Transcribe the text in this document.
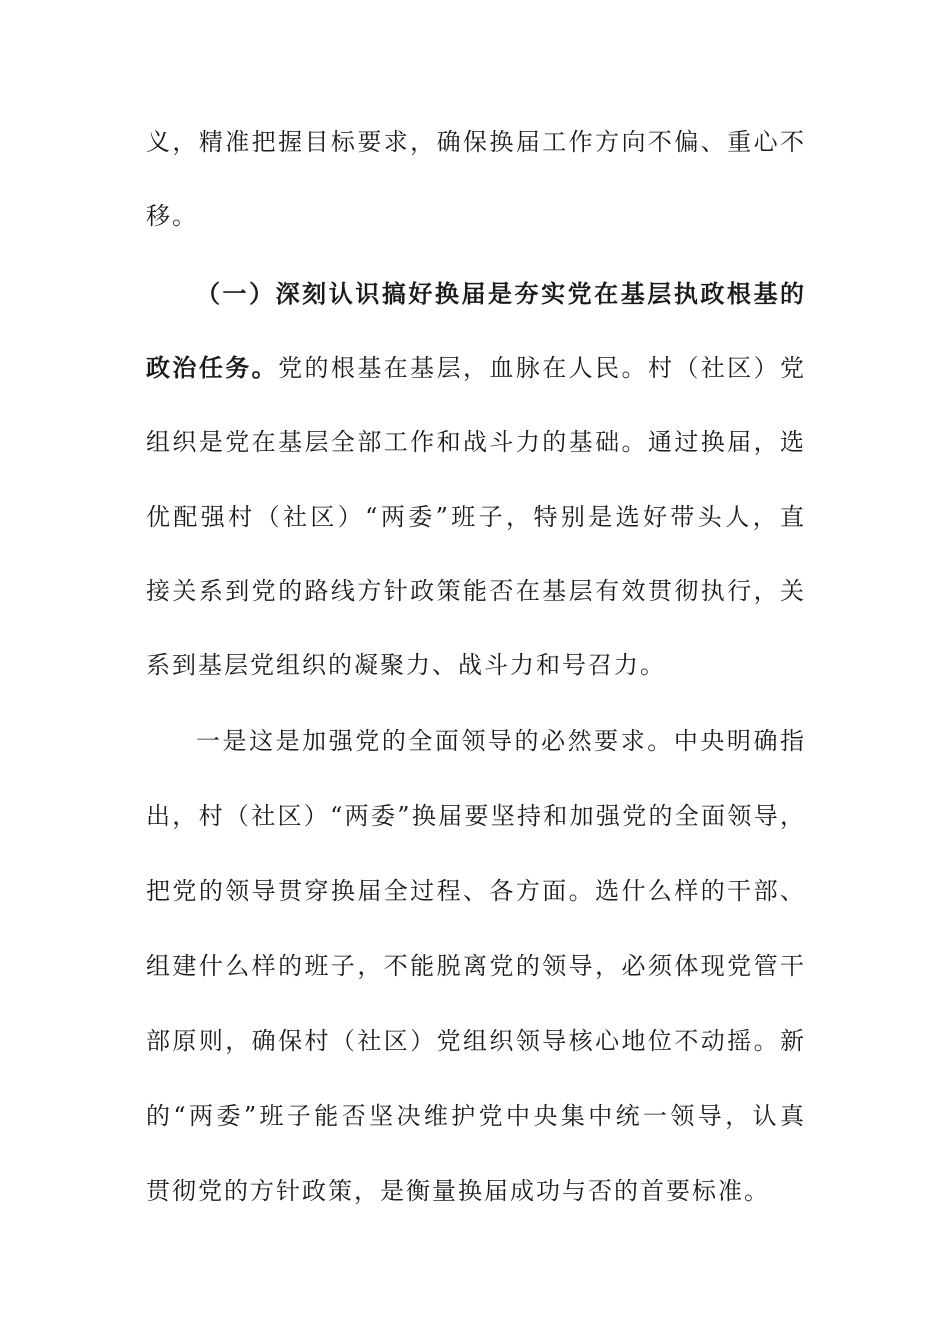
义，精准把握目标要求，确保换届工作方向不偏、重心不
移。
（一）深刻认识搞好换届是夯实党在基层执政根基的
政治任务。党的根基在基层，血脉在人民。村（社区）党
组织是党在基层全部工作和战斗力的基础。通过换届，选
优配强村（社区）“两委”班子，特别是选好带头人，直
接关系到党的路线方针政策能否在基层有效贯彻执行，关
系到基层党组织的凝聚力、战斗力和号召力。
一是这是加强党的全面领导的必然要求。中央明确指
出，村（社区）“两委”换届要坚持和加强党的全面领导，
把党的领导贯穿换届全过程、各方面。选什么样的干部、
组建什么样的班子，不能脱离党的领导，必须体现党管干
部原则，确保村（社区）党组织领导核心地位不动摇。新
的“两委”班子能否坚决维护党中央集中统一领导，认真
贯彻党的方针政策，是衡量换届成功与否的首要标准。
